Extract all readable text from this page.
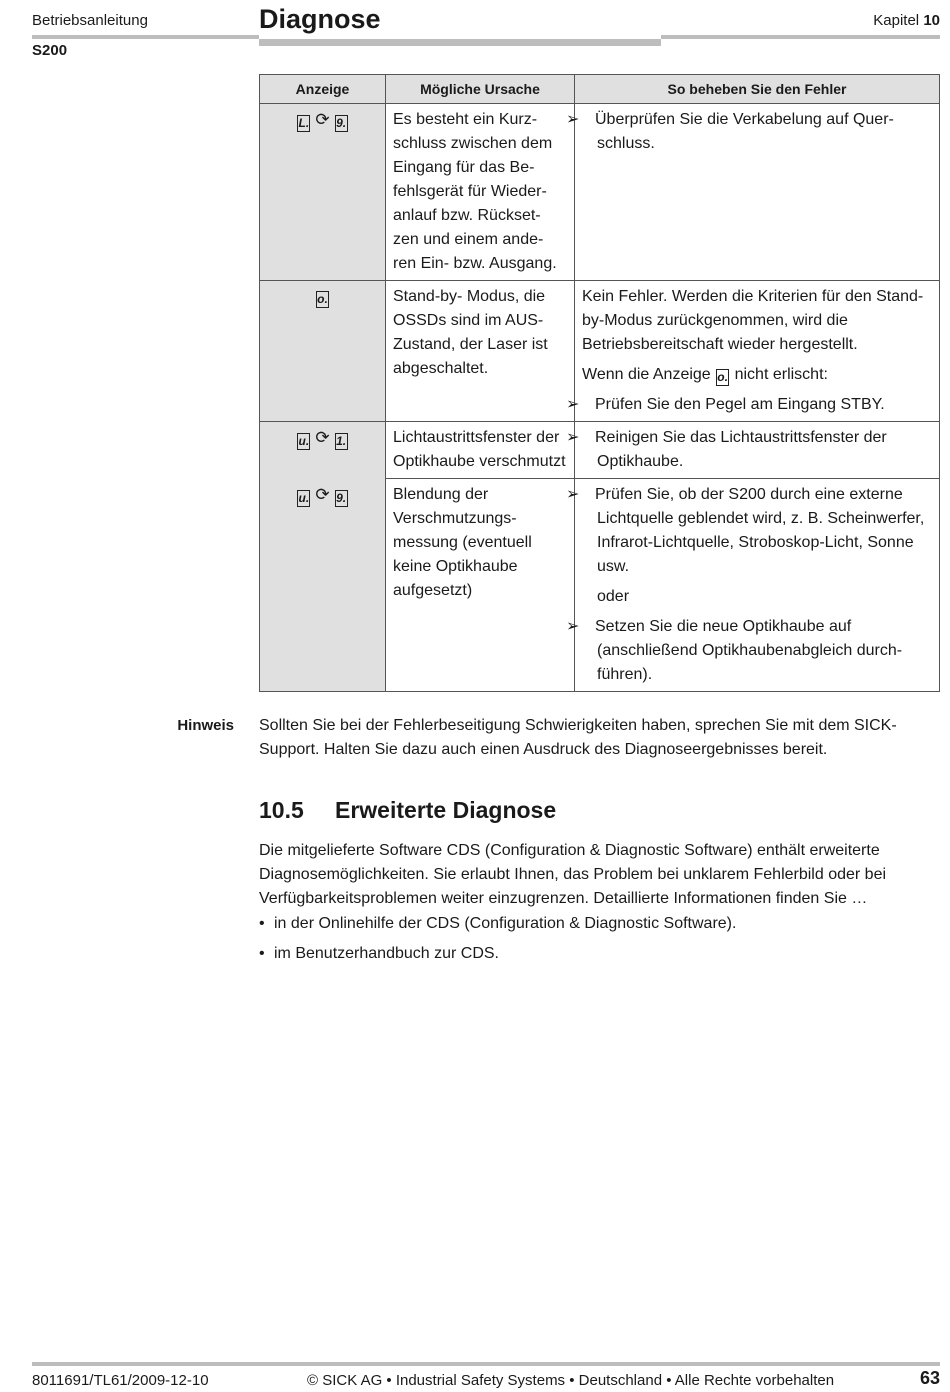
Betriebsanleitung
S200
Diagnose	Kapitel 10
Anzeige	Mögliche Ursache	So beheben Sie den Fehler
L. ⟳ 9.	Es besteht ein Kurz- schluss zwischen dem Eingang für das Be- fehlsgerät für Wieder- anlauf bzw. Rückset- zen und einem ande- ren Ein- bzw. Ausgang.	➢ Überprüfen Sie die Verkabelung auf Quer- schluss.

o.	Stand-by- Modus, die OSSDs sind im AUS-Zustand, der Laser ist abgeschaltet.	Kein Fehler. Werden die Kriterien für den Stand-by-Modus zurückgenommen, wird die Betriebsbereitschaft wieder hergestellt.
Wenn die Anzeige o. nicht erlischt:
➢ Prüfen Sie den Pegel am Eingang STBY.

u. ⟳ 1.	Lichtaustrittsfenster der Optikhaube verschmutzt	➢ Reinigen Sie das Lichtaustrittsfenster der Optikhaube.

u. ⟳ 9.	Blendung der Verschmutzungs- messung (eventuell keine Optikhaube aufgesetzt)	➢ Prüfen Sie, ob der S200 durch eine externe Lichtquelle geblendet wird, z. B. Scheinwerfer, Infrarot-Lichtquelle, Stroboskop-Licht, Sonne usw.
oder
➢ Setzen Sie die neue Optikhaube auf (anschließend Optikhaubenabgleich durch- führen).
Hinweis Sollten Sie bei der Fehlerbeseitigung Schwierigkeiten haben, sprechen Sie mit dem SICK- Support. Halten Sie dazu auch einen Ausdruck des Diagnoseergebnisses bereit.
10.5 Erweiterte Diagnose
Die mitgelieferte Software CDS (Configuration & Diagnostic Software) enthält erweiterte Diagnosemöglichkeiten. Sie erlaubt Ihnen, das Problem bei unklarem Fehlerbild oder bei Verfügbarkeitsproblemen weiter einzugrenzen. Detaillierte Informationen finden Sie …
• in der Onlinehilfe der CDS (Configuration & Diagnostic Software).
• im Benutzerhandbuch zur CDS.
8011691/TL61/2009-12-10	© SICK AG • Industrial Safety Systems • Deutschland • Alle Rechte vorbehalten	63
